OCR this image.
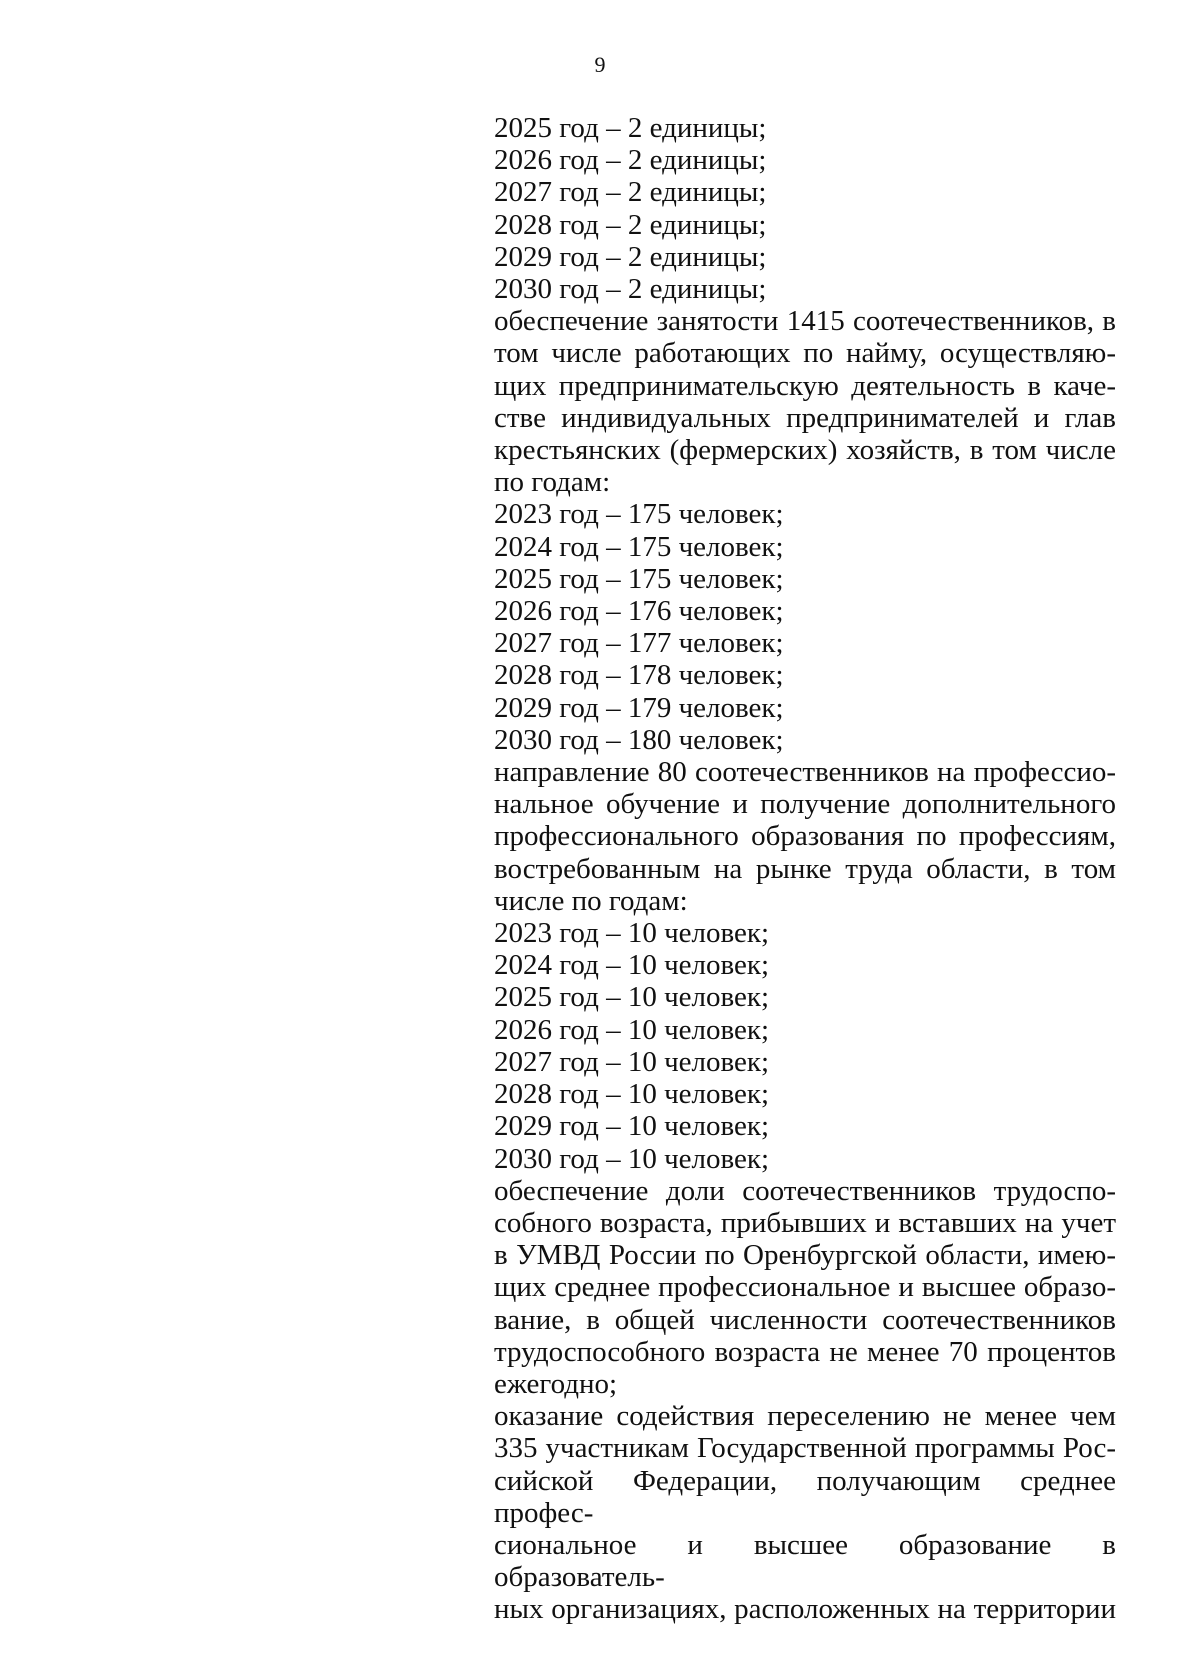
9
2025 год – 2 единицы;
2026 год – 2 единицы;
2027 год – 2 единицы;
2028 год – 2 единицы;
2029 год – 2 единицы;
2030 год – 2 единицы;
обеспечение занятости 1415 соотечественников, в
том числе работающих по найму, осуществляю-
щих предпринимательскую деятельность в каче-
стве индивидуальных предпринимателей и глав
крестьянских (фермерских) хозяйств, в том числе
по годам:
2023 год – 175 человек;
2024 год – 175 человек;
2025 год – 175 человек;
2026 год – 176 человек;
2027 год – 177 человек;
2028 год – 178 человек;
2029 год – 179 человек;
2030 год – 180 человек;
направление 80 соотечественников на профессио-
нальное обучение и получение дополнительного
профессионального образования по профессиям,
востребованным на рынке труда области, в том
числе по годам:
2023 год – 10 человек;
2024 год – 10 человек;
2025 год – 10 человек;
2026 год – 10 человек;
2027 год – 10 человек;
2028 год – 10 человек;
2029 год – 10 человек;
2030 год – 10 человек;
обеспечение доли соотечественников трудоспо-
собного возраста, прибывших и вставших на учет
в УМВД России по Оренбургской области, имею-
щих среднее профессиональное и высшее образо-
вание, в общей численности соотечественников
трудоспособного возраста не менее 70 процентов
ежегодно;
оказание содействия переселению не менее чем
335 участникам Государственной программы Рос-
сийской Федерации, получающим среднее профес-
сиональное и высшее образование в образователь-
ных организациях, расположенных на территории
